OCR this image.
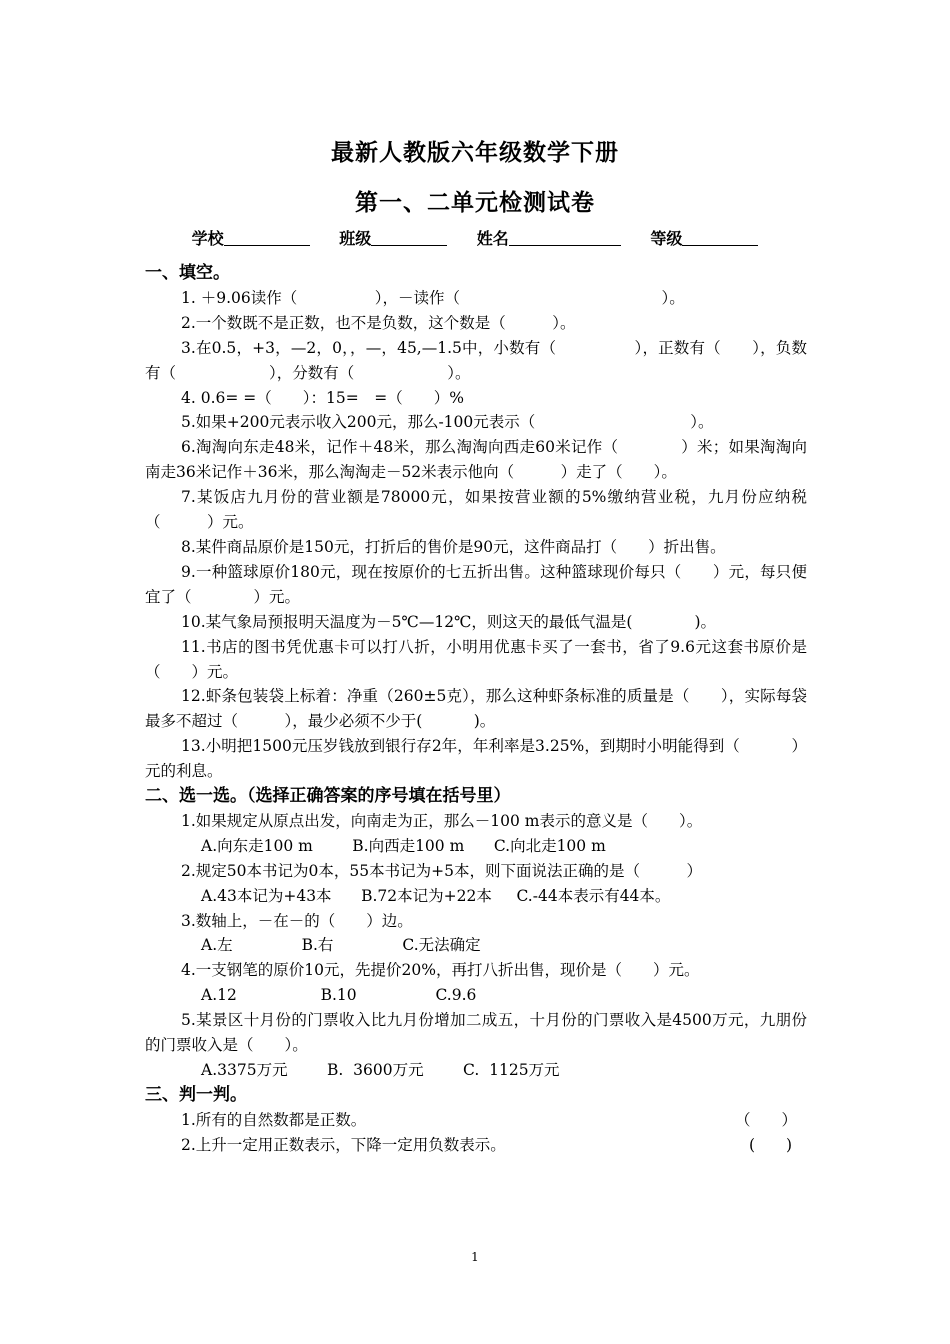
最新人教版六年级数学下册
第一、二单元检测试卷
学校	班级	姓名	等级
一、填空。
1. ＋9.06读作（　　　　　），－读作（　　　　　　　　　　　　　）。
2.一个数既不是正数，也不是负数，这个数是（　　　）。
3.在0.5，+3，—2，0，，—，45,—1.5中，小数有（　　　　　），正数有（　　），负数有（　　　　　　），分数有（　　　　　　）。
4. 0.6= =（　　）：15=　=（　　）%
5.如果+200元表示收入200元，那么-100元表示（　　　　　　　　　　）。
6.淘淘向东走48米，记作＋48米，那么淘淘向西走60米记作（　　　　）米；如果淘淘向南走36米记作＋36米，那么淘淘走－52米表示他向（　　　）走了（　　）。
7.某饭店九月份的营业额是78000元，如果按营业额的5%缴纳营业税，九月份应纳税（　　　）元。
8.某件商品原价是150元，打折后的售价是90元，这件商品打（　　）折出售。
9.一种篮球原价180元，现在按原价的七五折出售。这种篮球现价每只（　　）元，每只便宜了（　　　　）元。
10.某气象局预报明天温度为－5℃—12℃，则这天的最低气温是(　　　　)。
11.书店的图书凭优惠卡可以打八折，小明用优惠卡买了一套书，省了9.6元这套书原价是（　　）元。
12.虾条包装袋上标着：净重（260±5克），那么这种虾条标准的质量是（　　），实际每袋最多不超过（　　　），最少必须不少于(　　　 )。
13.小明把1500元压岁钱放到银行存2年，年利率是3.25%，到期时小明能得到（　　　 ）元的利息。
二、选一选。（选择正确答案的序号填在括号里）
1.如果规定从原点出发，向南走为正，那么－100 m表示的意义是（　　）。
A.向东走100 m        B.向西走100 m      C.向北走100 m
2.规定50本书记为0本，55本书记为+5本，则下面说法正确的是（　　　）
A.43本记为+43本      B.72本记为+22本     C.-44本表示有44本。
3.数轴上，－在－的（　　）边。
A.左              B.右              C.无法确定
4.一支钢笔的原价10元，先提价20%，再打八折出售，现价是（　　）元。
A.12                 B.10                C.9.6
5.某景区十月份的门票收入比九月份增加二成五，十月份的门票收入是4500万元，九朋份的门票收入是（　　）。
A.3375万元        B.  3600万元        C.  1125万元
三、判一判。
1.所有的自然数都是正数。	（　　）
2.上升一定用正数表示，下降一定用负数表示。	(　　)
1
